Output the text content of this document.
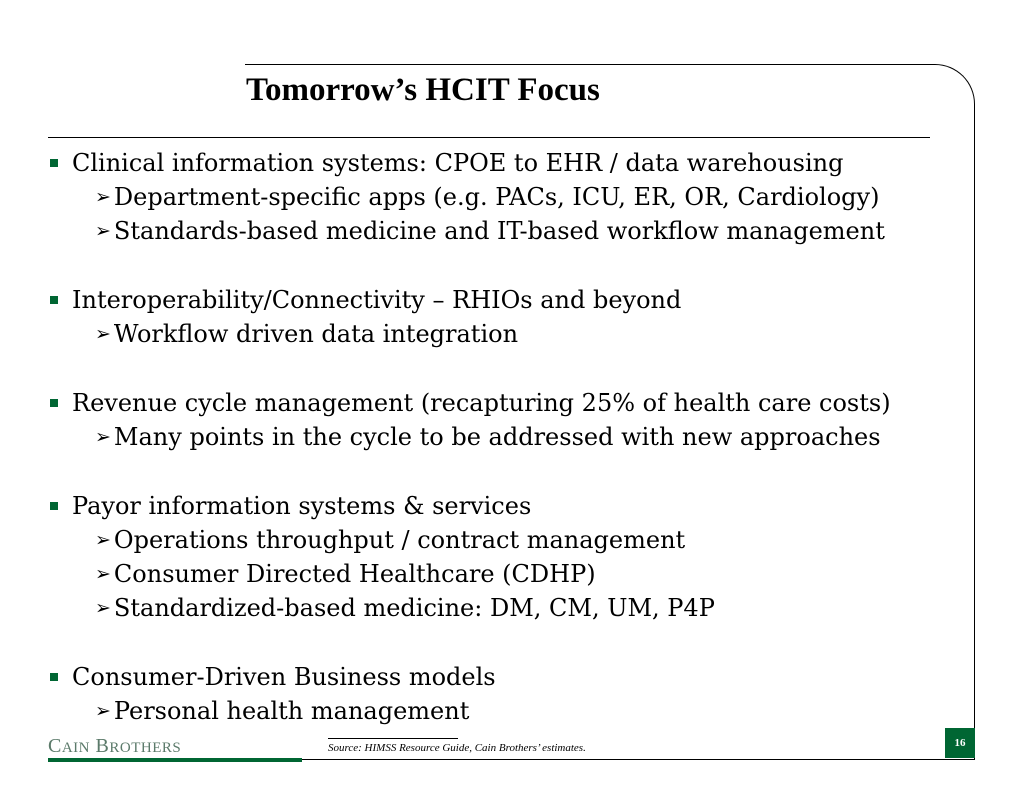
Tomorrow’s HCIT Focus
Clinical information systems: CPOE to EHR / data warehousing
➢ Department-specific apps (e.g. PACs, ICU, ER, OR, Cardiology)
➢ Standards-based medicine and IT-based workflow management
Interoperability/Connectivity – RHIOs and beyond
➢ Workflow driven data integration
Revenue cycle management (recapturing 25% of health care costs)
➢ Many points in the cycle to be addressed with new approaches
Payor information systems & services
➢ Operations throughput / contract management
➢ Consumer Directed Healthcare (CDHP)
➢ Standardized-based medicine: DM, CM, UM, P4P
Consumer-Driven Business models
➢ Personal health management
CAIN BROTHERS	Source: HIMSS Resource Guide, Cain Brothers’ estimates.	16
